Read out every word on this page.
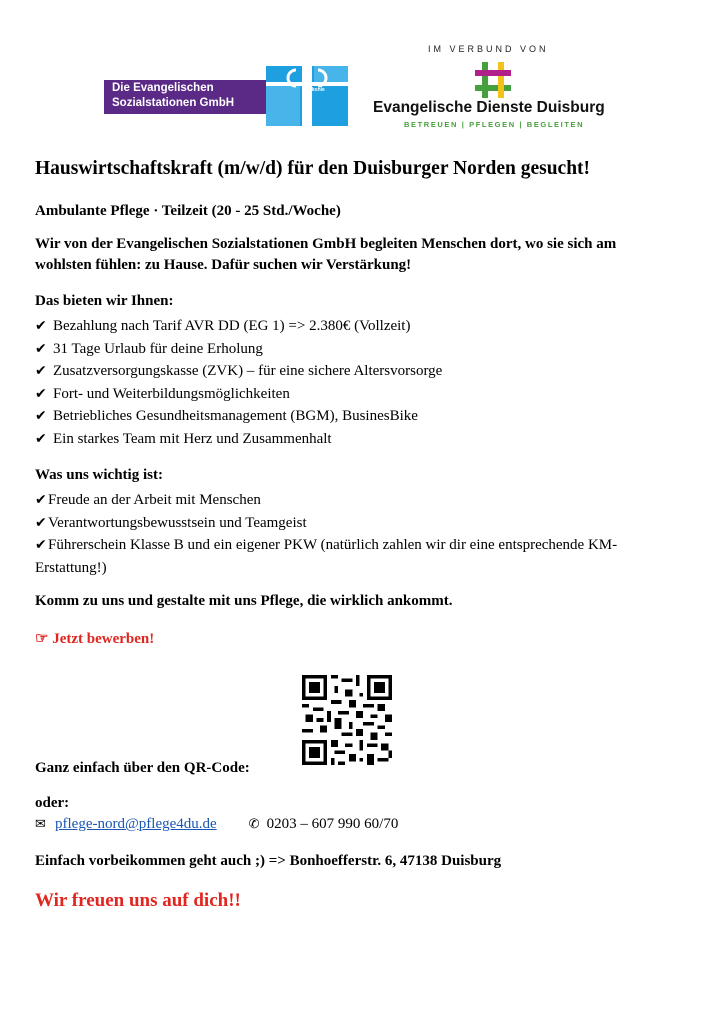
Die Evangelischen
Sozialstationen GmbH
Diakonie
IM VERBUND VON
Evangelische Dienste Duisburg
BETREUEN | PFLEGEN | BEGLEITEN
Hauswirtschaftskraft (m/w/d) für den Duisburger Norden gesucht!
Ambulante Pflege · Teilzeit (20 - 25 Std./Woche)
Wir von der Evangelischen Sozialstationen GmbH begleiten Menschen dort, wo sie sich am wohlsten fühlen: zu Hause. Dafür suchen wir Verstärkung!
Das bieten wir Ihnen:
✔ Bezahlung nach Tarif AVR DD (EG 1) => 2.380€ (Vollzeit)
✔ 31 Tage Urlaub für deine Erholung
✔ Zusatzversorgungskasse (ZVK) – für eine sichere Altersvorsorge
✔ Fort- und Weiterbildungsmöglichkeiten
✔ Betriebliches Gesundheitsmanagement (BGM), BusinesBike
✔ Ein starkes Team mit Herz und Zusammenhalt
Was uns wichtig ist:
✔Freude an der Arbeit mit Menschen
✔Verantwortungsbewusstsein und Teamgeist
✔Führerschein Klasse B und ein eigener PKW (natürlich zahlen wir dir eine entsprechende KM-Erstattung!)
Komm zu uns und gestalte mit uns Pflege, die wirklich ankommt.
☞ Jetzt bewerben!
Ganz einfach über den QR-Code:
oder:
✉ pflege-nord@pflege4du.de ✆ 0203 – 607 990 60/70
Einfach vorbeikommen geht auch ;) => Bonhoefferstr. 6, 47138 Duisburg
Wir freuen uns auf dich!!
